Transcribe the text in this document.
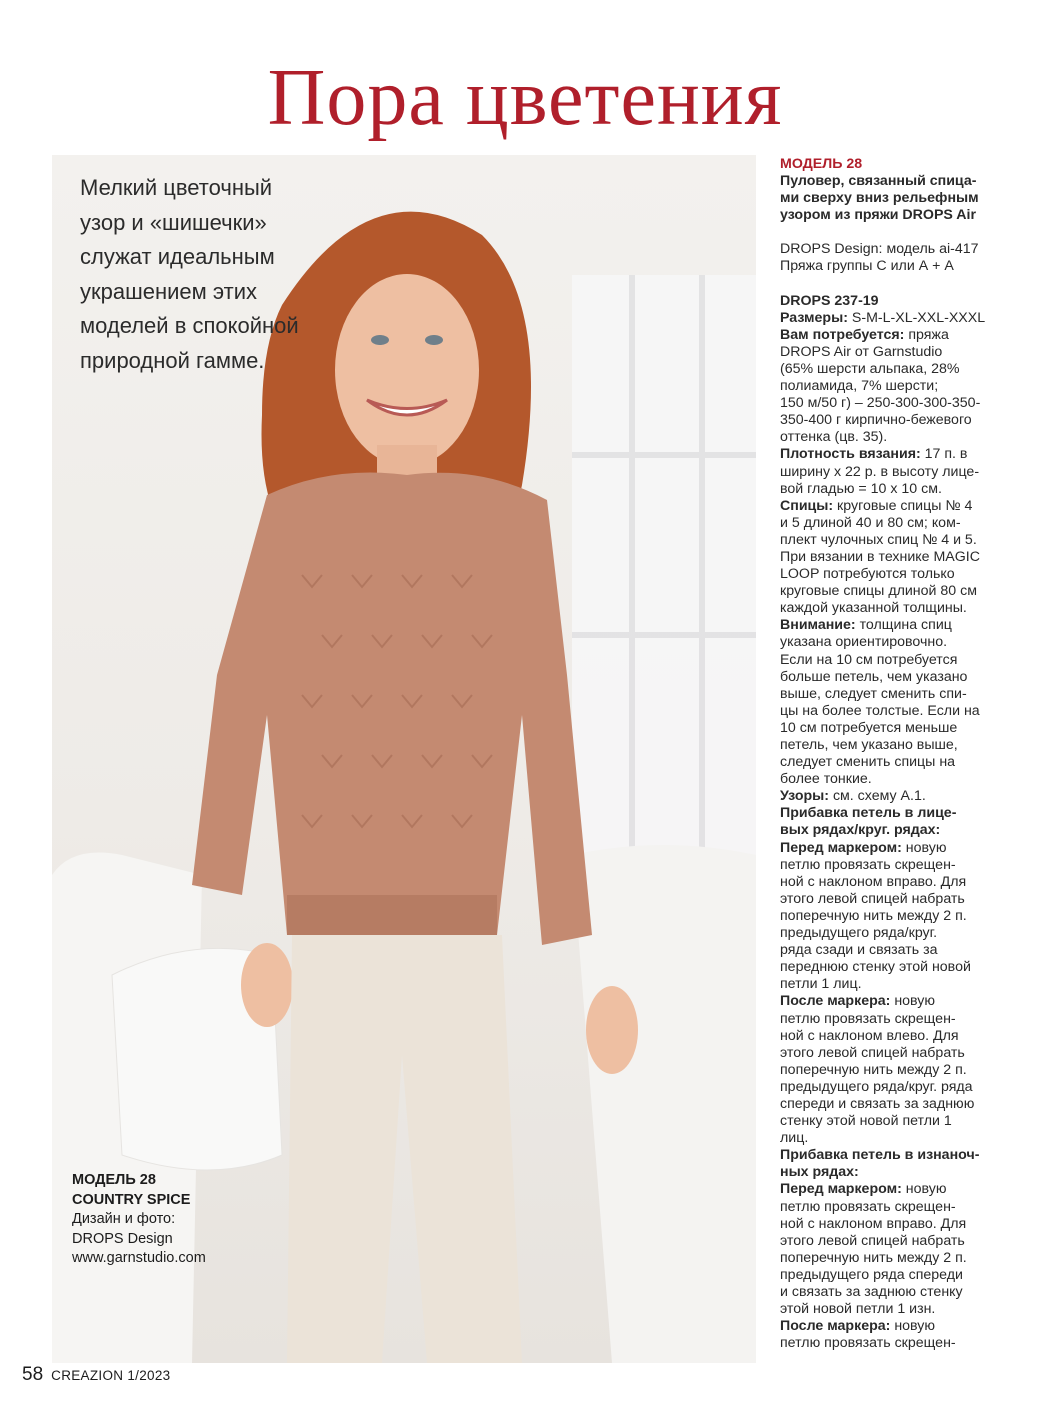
Пора цветения
Мелкий цветочный
узор и «шишечки»
служат идеальным
украшением этих
моделей в спокойной
природной гамме.
МОДЕЛЬ 28
COUNTRY SPICE
Дизайн и фото:
DROPS Design
www.garnstudio.com

МОДЕЛЬ 28

Пуловер, связанный спица-

ми сверху вниз рельефным

узором из пряжи DROPS Air

DROPS Design: модель ai-417

Пряжа группы С или А + А

DROPS 237-19

Размеры: S-M-L-XL-XXL-XXXL

Вам потребуется: пряжа

DROPS Air от Garnstudio

(65% шерсти альпака, 28%

полиамида, 7% шерсти;

150 м/50 г) – 250-300-300-350-

350-400 г кирпично-бежевого

оттенка (цв. 35).

Плотность вязания: 17 п. в

ширину х 22 р. в высоту лице-

вой гладью = 10 х 10 см.

Спицы: круговые спицы № 4

и 5 длиной 40 и 80 см; ком-

плект чулочных спиц № 4 и 5.

При вязании в технике MAGIC

LOOP потребуются только

круговые спицы длиной 80 см

каждой указанной толщины.

Внимание: толщина спиц

указана ориентировочно.

Если на 10 см потребуется

больше петель, чем указано

выше, следует сменить спи-

цы на более толстые. Если на

10 см потребуется меньше

петель, чем указано выше,

следует сменить спицы на

более тонкие.

Узоры: см. схему А.1.

Прибавка петель в лице-

вых рядах/круг. рядах:

Перед маркером: новую

петлю провязать скрещен-

ной с наклоном вправо. Для

этого левой спицей набрать

поперечную нить между 2 п.

предыдущего ряда/круг.

ряда сзади и связать за

переднюю стенку этой новой

петли 1 лиц.

После маркера: новую

петлю провязать скрещен-

ной с наклоном влево. Для

этого левой спицей набрать

поперечную нить между 2 п.

предыдущего ряда/круг. ряда

спереди и связать за заднюю

стенку этой новой петли 1

лиц.

Прибавка петель в изнаноч-

ных рядах:

Перед маркером: новую

петлю провязать скрещен-

ной с наклоном вправо. Для

этого левой спицей набрать

поперечную нить между 2 п.

предыдущего ряда спереди

и связать за заднюю стенку

этой новой петли 1 изн.

После маркера: новую

петлю провязать скрещен-

58 CREAZION 1/2023
